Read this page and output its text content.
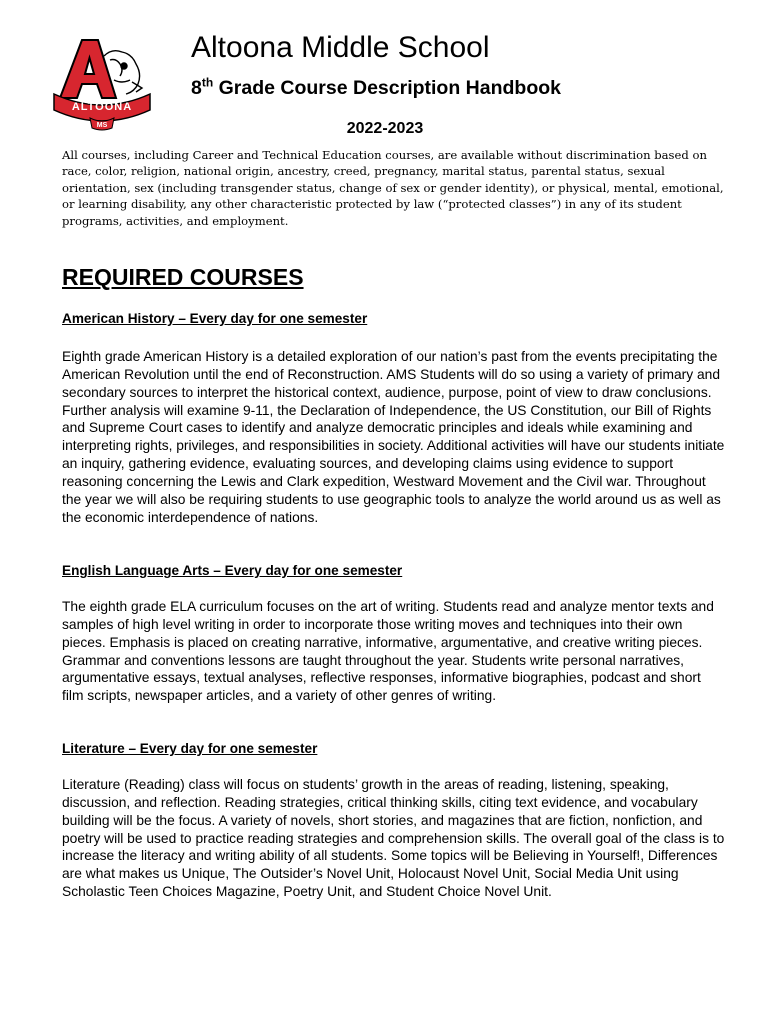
ALTOONA
MS
Altoona Middle School
8th Grade Course Description Handbook
2022-2023
All courses, including Career and Technical Education courses, are available without discrimination based on race, color, religion, national origin, ancestry, creed, pregnancy, marital status, parental status, sexual orientation, sex (including transgender status, change of sex or gender identity), or physical, mental, emotional, or learning disability, any other characteristic protected by law (“protected classes”) in any of its student programs, activities, and employment.
REQUIRED COURSES
American History – Every day for one semester
Eighth grade American History is a detailed exploration of our nation’s past from the events precipitating the American Revolution until the end of Reconstruction. AMS Students will do so using a variety of primary and secondary sources to interpret the historical context, audience, purpose, point of view to draw conclusions. Further analysis will examine 9-11, the Declaration of Independence, the US Constitution, our Bill of Rights and Supreme Court cases to identify and analyze democratic principles and ideals while examining and interpreting rights, privileges, and responsibilities in society. Additional activities will have our students initiate an inquiry, gathering evidence, evaluating sources, and developing claims using evidence to support reasoning concerning the Lewis and Clark expedition, Westward Movement and the Civil war. Throughout the year we will also be requiring students to use geographic tools to analyze the world around us as well as the economic interdependence of nations.
English Language Arts – Every day for one semester
The eighth grade ELA curriculum focuses on the art of writing. Students read and analyze mentor texts and samples of high level writing in order to incorporate those writing moves and techniques into their own pieces. Emphasis is placed on creating narrative, informative, argumentative, and creative writing pieces. Grammar and conventions lessons are taught throughout the year. Students write personal narratives, argumentative essays, textual analyses, reflective responses, informative biographies, podcast and short film scripts, newspaper articles, and a variety of other genres of writing.
Literature – Every day for one semester
Literature (Reading) class will focus on students’ growth in the areas of reading, listening, speaking, discussion, and reflection. Reading strategies, critical thinking skills, citing text evidence, and vocabulary building will be the focus. A variety of novels, short stories, and magazines that are fiction, nonfiction, and poetry will be used to practice reading strategies and comprehension skills. The overall goal of the class is to increase the literacy and writing ability of all students. Some topics will be Believing in Yourself!, Differences are what makes us Unique, The Outsider’s Novel Unit, Holocaust Novel Unit, Social Media Unit using Scholastic Teen Choices Magazine, Poetry Unit, and Student Choice Novel Unit.
